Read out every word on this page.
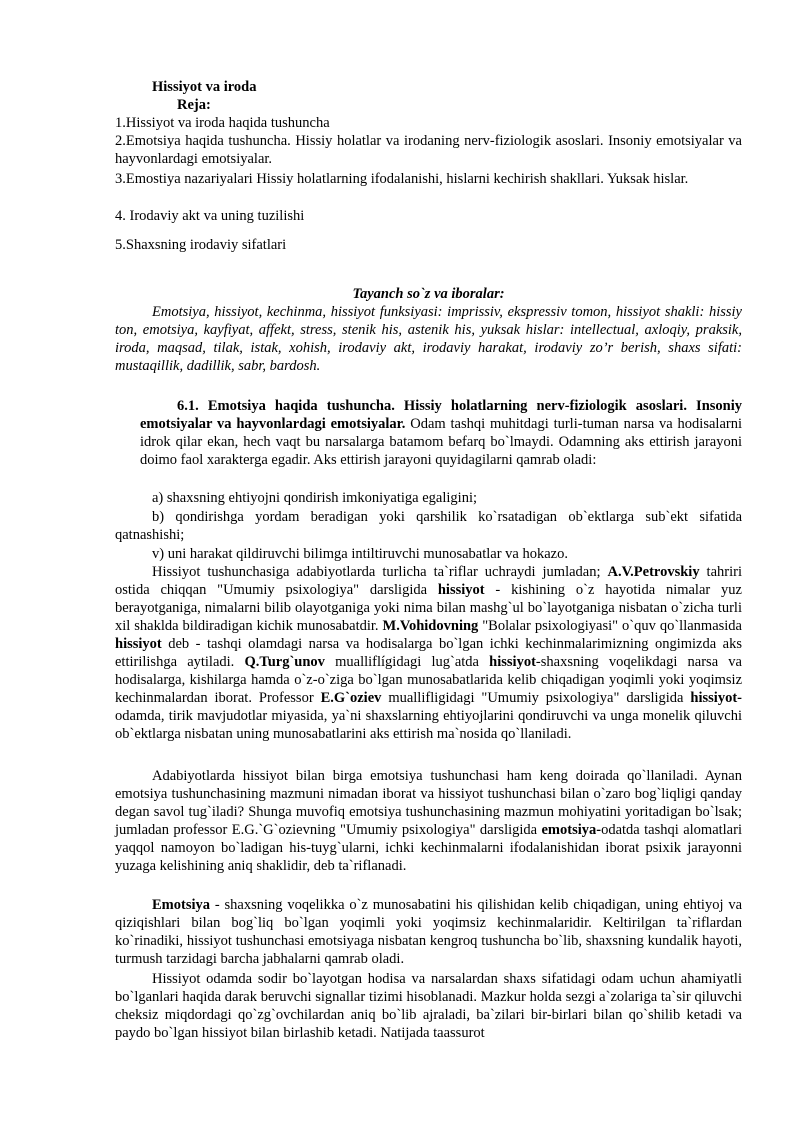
Hissiyot va iroda
Reja:
1.Hissiyot va iroda haqida tushuncha
2.Emotsiya haqida tushuncha. Hissiy holatlar va irodaning nerv-fiziologik asoslari. Insoniy emotsiyalar va hayvonlardagi emotsiyalar.
3.Emostiya nazariyalari Hissiy holatlarning ifodalanishi, hislarni kechirish shakllari. Yuksak hislar.
4. Irodaviy akt va uning tuzilishi
5.Shaxsning irodaviy sifatlari
Tayanch so`z va iboralar:
Emotsiya, hissiyot, kechinma, hissiyot funksiyasi: imprissiv, ekspressiv tomon, hissiyot shakli: hissiy ton, emotsiya, kayfiyat, affekt, stress, stenik his, astenik his, yuksak hislar: intellectual, axloqiy, praksik, iroda, maqsad, tilak, istak, xohish, irodaviy akt, irodaviy harakat, irodaviy zo’r berish, shaxs sifati: mustaqillik, dadillik, sabr, bardosh.
6.1. Emotsiya haqida tushuncha. Hissiy holatlarning nerv-fiziologik asoslari. Insoniy emotsiyalar va hayvonlardagi emotsiyalar. Odam tashqi muhitdagi turli-tuman narsa va hodisalarni idrok qilar ekan, hech vaqt bu narsalarga batamom befarq bo`lmaydi. Odamning aks ettirish jarayoni doimo faol xarakterga egadir. Aks ettirish jarayoni quyidagilarni qamrab oladi:
a) shaxsning ehtiyojni qondirish imkoniyatiga egaligini;
b) qondirishga yordam beradigan yoki qarshilik ko`rsatadigan ob`ektlarga sub`ekt sifatida qatnashishi;
v) uni harakat qildiruvchi bilimga intiltiruvchi munosabatlar va hokazo.
Hissiyot tushunchasiga adabiyotlarda turlicha ta`riflar uchraydi jumladan; A.V.Petrovskiy tahriri ostida chiqqan "Umumiy psixologiya" darsligida hissiyot - kishining o`z hayotida nimalar yuz berayotganiga, nimalarni bilib olayotganiga yoki nima bilan mashg`ul bo`layotganiga nisbatan o`zicha turli xil shaklda bildiradigan kichik munosabatdir. M.Vohidovning "Bolalar psixologiyasi" o`quv qo`llanmasida hissiyot deb - tashqi olamdagi narsa va hodisalarga bo`lgan ichki kechinmalarimizning ongimizda aks ettirilishga aytiladi. Q.Turg`unov mualliflígidagi lug`atda hissiyot-shaxsning voqelikdagi narsa va hodisalarga, kishilarga hamda o`z-o`ziga bo`lgan munosabatlarida kelib chiqadigan yoqimli yoki yoqimsiz kechinmalardan iborat. Professor E.G`oziev muallifligidagi "Umumiy psixologiya" darsligida hissiyot- odamda, tirik mavjudotlar miyasida, ya`ni shaxslarning ehtiyojlarini qondiruvchi va unga monelik qiluvchi ob`ektlarga nisbatan uning munosabatlarini aks ettirish ma`nosida qo`llaniladi.
Adabiyotlarda hissiyot bilan birga emotsiya tushunchasi ham keng doirada qo`llaniladi. Aynan emotsiya tushunchasining mazmuni nimadan iborat va hissiyot tushunchasi bilan o`zaro bog`liqligi qanday degan savol tug`iladi? Shunga muvofiq emotsiya tushunchasining mazmun mohiyatini yoritadigan bo`lsak; jumladan professor E.G.`G`ozievning "Umumiy psixologiya" darsligida emotsiya-odatda tashqi alomatlari yaqqol namoyon bo`ladigan his-tuyg`ularni, ichki kechinmalarni ifodalanishidan iborat psixik jarayonni yuzaga kelishining aniq shaklidir, deb ta`riflanadi.
Emotsiya - shaxsning voqelikka o`z munosabatini his qilishidan kelib chiqadigan, uning ehtiyoj va qiziqishlari bilan bog`liq bo`lgan yoqimli yoki yoqimsiz kechinmalaridir. Keltirilgan ta`riflardan ko`rinadiki, hissiyot tushunchasi emotsiyaga nisbatan kengroq tushuncha bo`lib, shaxsning kundalik hayoti, turmush tarzidagi barcha jabhalarni qamrab oladi.
Hissiyot odamda sodir bo`layotgan hodisa va narsalardan shaxs sifatidagi odam uchun ahamiyatli bo`lganlari haqida darak beruvchi signallar tizimi hisoblanadi. Mazkur holda sezgi a`zolariga ta`sir qiluvchi cheksiz miqdordagi qo`zg`ovchilardan aniq bo`lib ajraladi, ba`zilari bir-birlari bilan qo`shilib ketadi va paydo bo`lgan hissiyot bilan birlashib ketadi. Natijada taassurot
